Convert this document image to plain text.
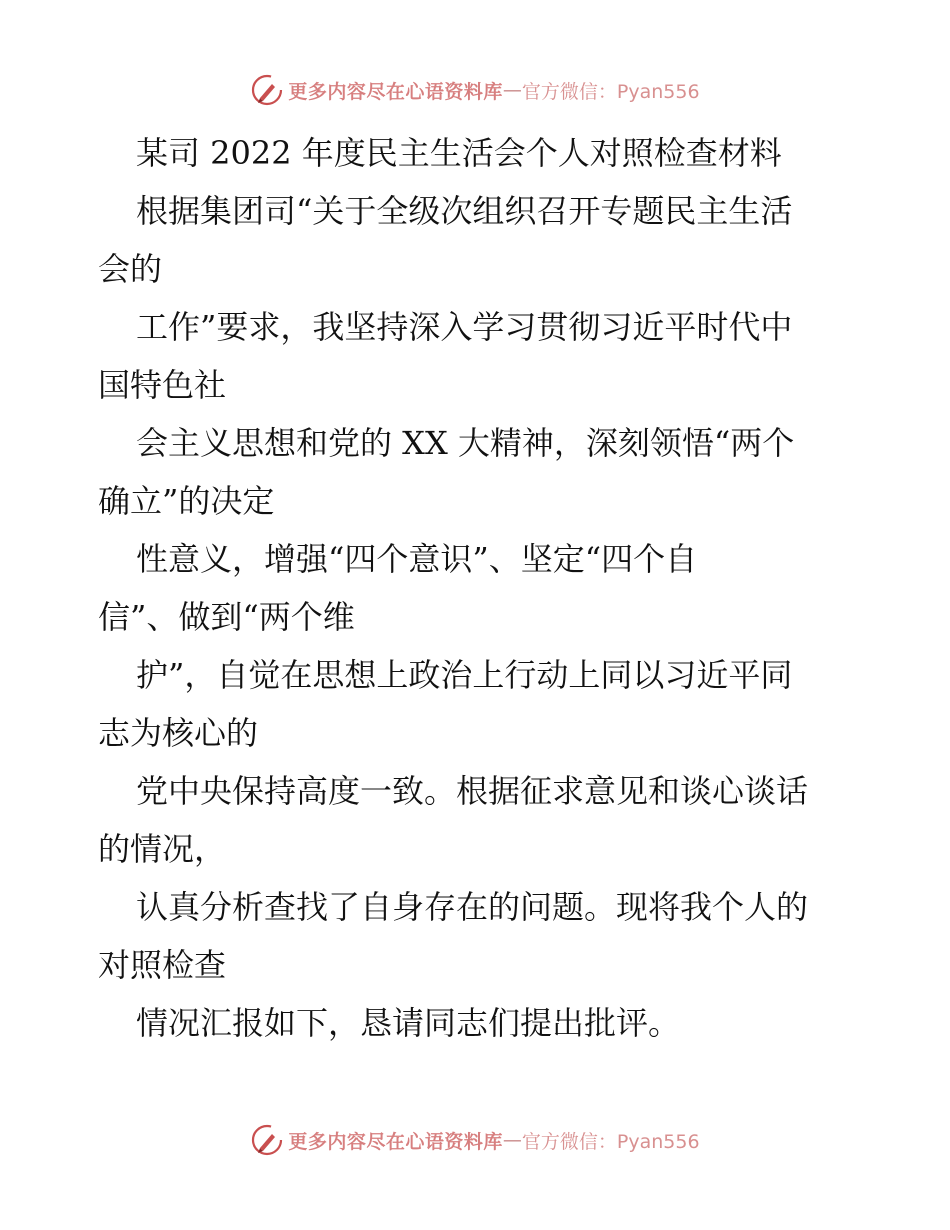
更多内容尽在心语资料库 — 官方微信：Pyan556
某司 2022 年度民主生活会个人对照检查材料
根据集团司“关于全级次组织召开专题民主生活
会的
工作”要求，我坚持深入学习贯彻习近平时代中
国特色社
会主义思想和党的 XX 大精神，深刻领悟“两个
确立”的决定
性意义，增强“四个意识”、坚定“四个自
信”、做到“两个维
护”，自觉在思想上政治上行动上同以习近平同
志为核心的
党中央保持高度一致。根据征求意见和谈心谈话
的情况，
认真分析查找了自身存在的问题。现将我个人的
对照检查
情况汇报如下，恳请同志们提出批评。
更多内容尽在心语资料库 — 官方微信：Pyan556
